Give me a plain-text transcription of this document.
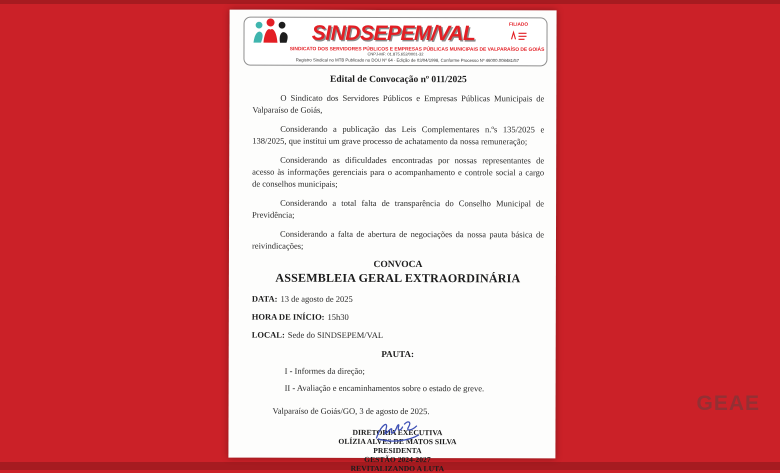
GEAE
SINDSEPEM/VAL	FILIADO
SINDICATO DOS SERVIDORES PÚBLICOS E EMPRESAS PÚBLICAS MUNICIPAIS DE VALPARAÍSO DE GOIÁS
CNPJ-MF: 01.875.652/0001-32
Registro Sindical no MTB Publicado no DOU Nº 64 - Edição de 03/04/1998, Conforme Processo Nº 46000.008481/57
Edital de Convocação nº 011/2025

O Sindicato dos Servidores Públicos e Empresas Públicas Municipais de Valparaíso de Goiás,

Considerando a publicação das Leis Complementares n.ºs 135/2025 e 138/2025, que institui um grave processo de achatamento da nossa remuneração;

Considerando as dificuldades encontradas por nossas representantes de acesso às informações gerenciais para o acompanhamento e controle social a cargo de conselhos municipais;

Considerando a total falta de transparência do Conselho Municipal de Previdência;

Considerando a falta de abertura de negociações da nossa pauta básica de reivindicações;

CONVOCA
ASSEMBLEIA GERAL EXTRAORDINÁRIA
DATA: 13 de agosto de 2025
HORA DE INÍCIO: 15h30
LOCAL: Sede do SINDSEPEM/VAL
PAUTA:
I - Informes da direção;
II - Avaliação e encaminhamentos sobre o estado de greve.
Valparaíso de Goiás/GO, 3 de agosto de 2025.
DIRETORIA EXECUTIVA
OLÍZIA ALVES DE MATOS SILVA
PRESIDENTA
GESTÃO 2024-2027
REVITALIZANDO A LUTA
